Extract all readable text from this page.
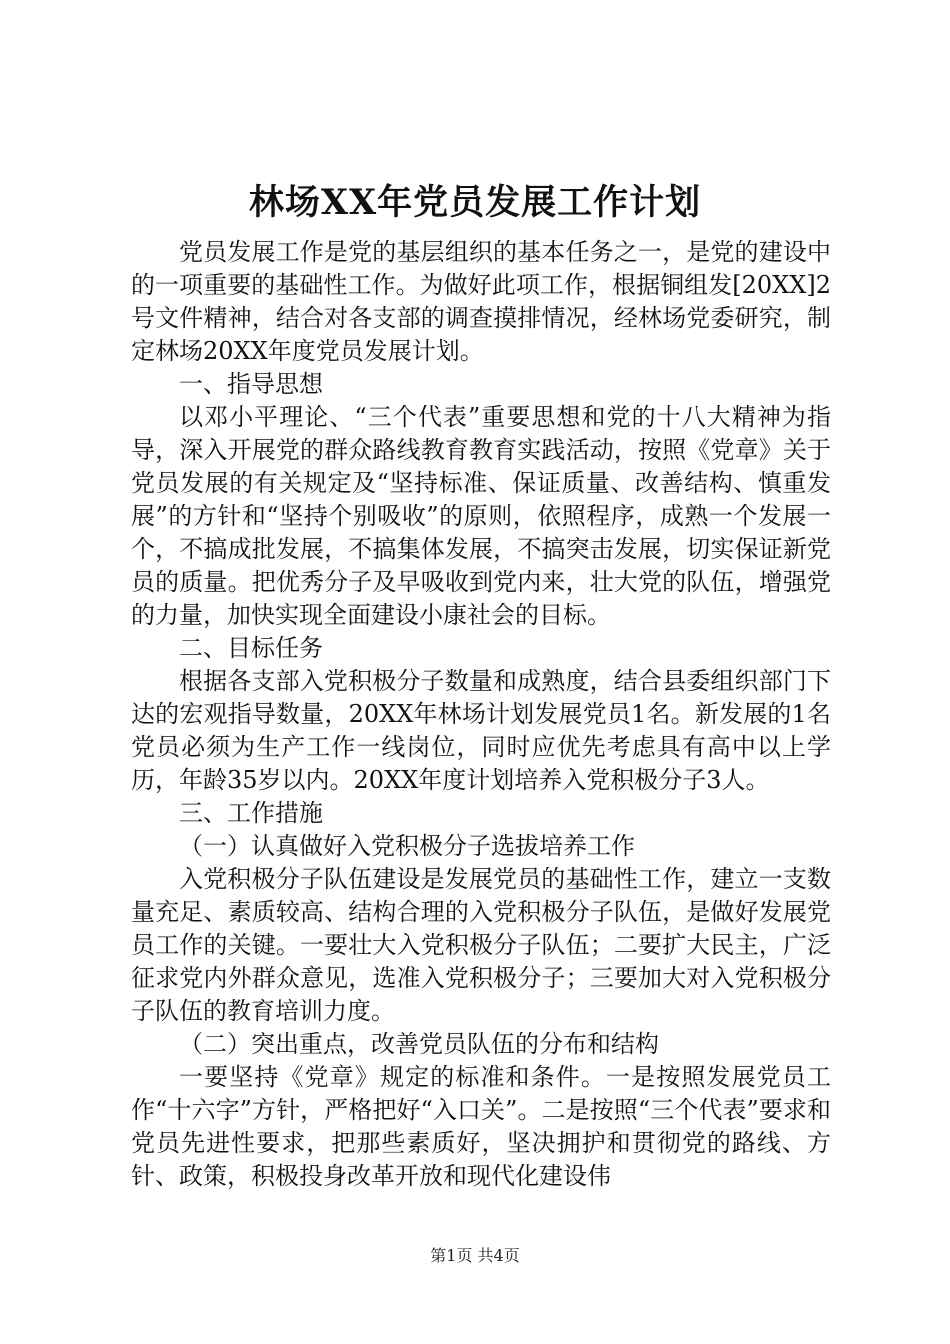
林场XX年党员发展工作计划

党员发展工作是党的基层组织的基本任务之一，是党的建设中的一项重要的基础性工作。为做好此项工作，根据铜组发[20XX]2号文件精神，结合对各支部的调查摸排情况，经林场党委研究，制定林场20XX年度党员发展计划。

一、指导思想

以邓小平理论、“三个代表”重要思想和党的十八大精神为指导，深入开展党的群众路线教育教育实践活动，按照《党章》关于党员发展的有关规定及“坚持标准、保证质量、改善结构、慎重发展”的方针和“坚持个别吸收”的原则，依照程序，成熟一个发展一个，不搞成批发展，不搞集体发展，不搞突击发展，切实保证新党员的质量。把优秀分子及早吸收到党内来，壮大党的队伍，增强党的力量，加快实现全面建设小康社会的目标。

二、目标任务

根据各支部入党积极分子数量和成熟度，结合县委组织部门下达的宏观指导数量，20XX年林场计划发展党员1名。新发展的1名党员必须为生产工作一线岗位，同时应优先考虑具有高中以上学历，年龄35岁以内。20XX年度计划培养入党积极分子3人。

三、工作措施

（一）认真做好入党积极分子选拔培养工作

入党积极分子队伍建设是发展党员的基础性工作，建立一支数量充足、素质较高、结构合理的入党积极分子队伍，是做好发展党员工作的关键。一要壮大入党积极分子队伍；二要扩大民主，广泛征求党内外群众意见，选准入党积极分子；三要加大对入党积极分子队伍的教育培训力度。

（二）突出重点，改善党员队伍的分布和结构

一要坚持《党章》规定的标准和条件。一是按照发展党员工作“十六字”方针，严格把好“入口关”。二是按照“三个代表”要求和党员先进性要求，把那些素质好，坚决拥护和贯彻党的路线、方针、政策，积极投身改革开放和现代化建设伟

第1页 共4页
